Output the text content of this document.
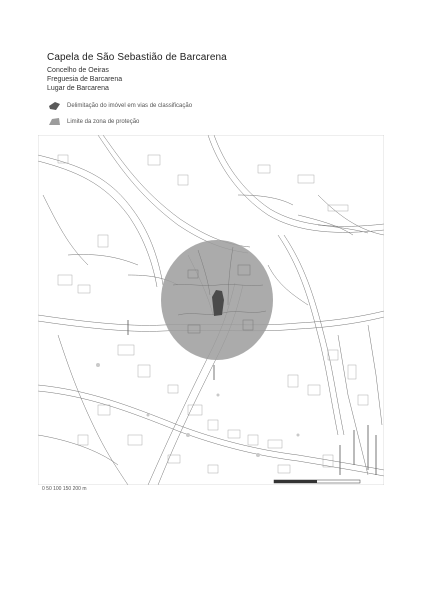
Capela de São Sebastião de Barcarena
Concelho de Oeiras
Freguesia de Barcarena
Lugar de Barcarena
Delimitação do imóvel em vias de classificação
Limite da zona de proteção
0 50 100 150 200 m
